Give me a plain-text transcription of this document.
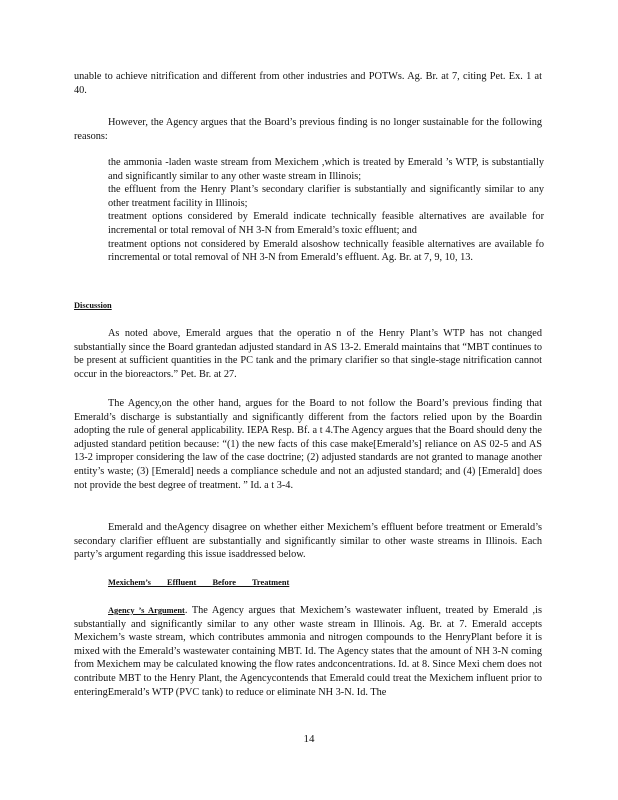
unable to achieve nitrification and different from other industries and POTWs. Ag. Br. at 7, citing Pet. Ex. 1 at 40.

However, the Agency argues that the Board’s previous finding is no longer sustainable for the following reasons:

the ammonia -laden waste stream from Mexichem ,which is treated by Emerald ’s WTP, is substantially and significantly similar to any other waste stream in Illinois;
the effluent from the Henry Plant’s secondary clarifier is substantially and significantly similar to any other treatment facility in Illinois;
treatment options considered by Emerald indicate technically feasible alternatives are available for incremental or total removal of NH 3-N from Emerald’s toxic effluent; and
treatment options not considered by Emerald alsoshow technically feasible alternatives are available fo rincremental or total removal of NH 3-N from Emerald’s effluent. Ag. Br. at 7, 9, 10, 13.
Discussion

As noted above, Emerald argues that the operatio n of the Henry Plant’s WTP has not changed substantially since the Board grantedan adjusted standard in AS 13-2. Emerald maintains that “MBT continues to be present at sufficient quantities in the PC tank and the primary clarifier so that single-stage nitrification cannot occur in the bioreactors.” Pet. Br. at 27.

The Agency,on the other hand, argues for the Board to not follow the Board’s previous finding that Emerald’s discharge is substantially and significantly different from the factors relied upon by the Boardin adopting the rule of general applicability. IEPA Resp. Bf. a t 4.The Agency argues that the Board should deny the adjusted standard petition because: “(1) the new facts of this case make[Emerald’s] reliance on AS 02-5 and AS 13-2 improper considering the law of the case doctrine; (2) adjusted standards are not granted to manage another entity’s waste; (3) [Emerald] needs a compliance schedule and not an adjusted standard; and (4) [Emerald] does not provide the best degree of treatment. ” Id. a t 3-4.

Emerald and theAgency disagree on whether either Mexichem’s effluent before treatment or Emerald’s secondary clarifier effluent are substantially and significantly similar to other waste streams in Illinois. Each party’s argument regarding this issue isaddressed below.

Mexichem’s Effluent Before Treatment

Agency ’s Argument. The Agency argues that Mexichem’s wastewater influent, treated by Emerald ,is substantially and significantly similar to any other waste stream in Illinois. Ag. Br. at 7. Emerald accepts Mexichem’s waste stream, which contributes ammonia and nitrogen compounds to the HenryPlant before it is mixed with the Emerald’s wastewater containing MBT. Id. The Agency states that the amount of NH 3-N coming from Mexichem may be calculated knowing the flow rates andconcentrations. Id. at 8. Since Mexi chem does not contribute MBT to the Henry Plant, the Agencycontends that Emerald could treat the Mexichem influent prior to enteringEmerald’s WTP (PVC tank) to reduce or eliminate NH 3-N. Id. The

14
